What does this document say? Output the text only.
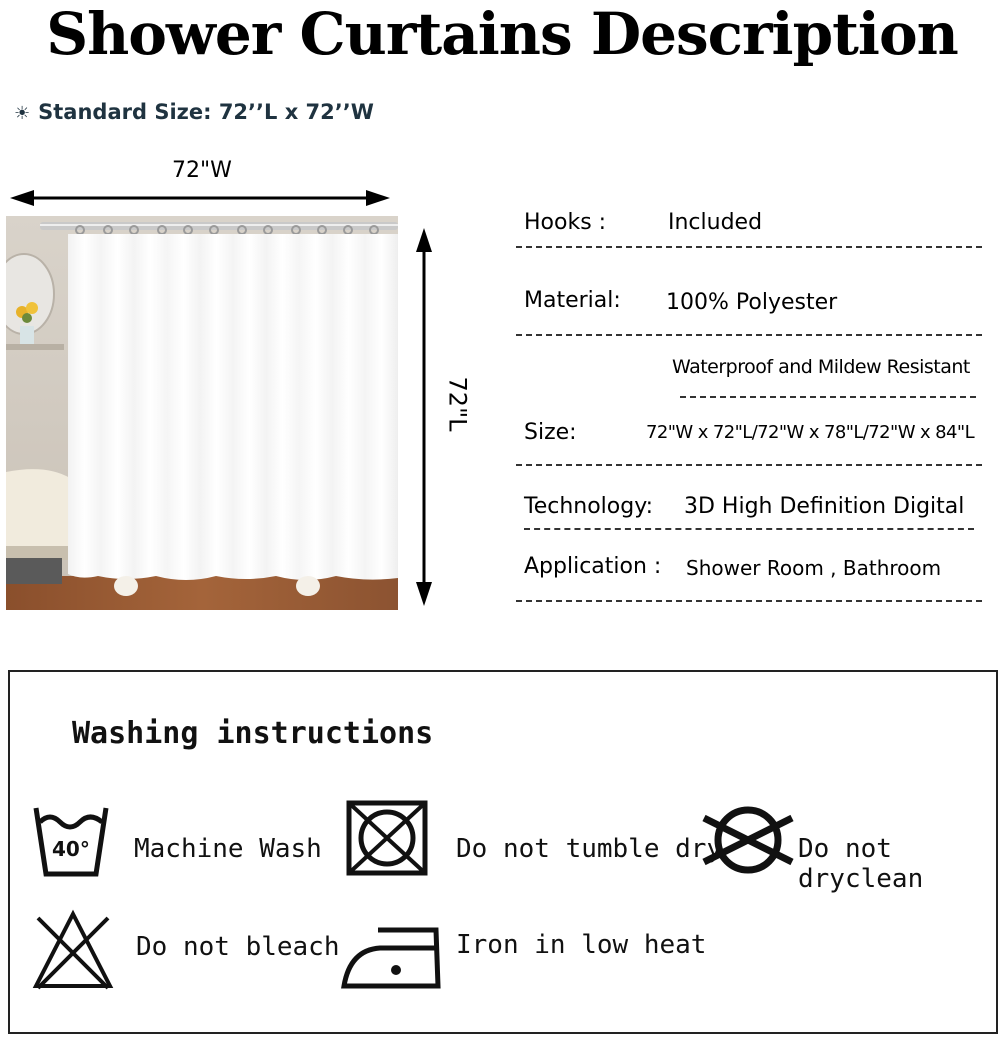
Shower Curtains Description
☀ Standard Size: 72’’L x 72’’W
72"W
72"L
Hooks :	Included
Material: 100% Polyester
Waterproof and Mildew Resistant
Size:	72"W x 72"L/72"W x 78"L/72"W x 84"L
Technology: 3D High Definition Digital
Application : Shower Room , Bathroom
Washing instructions
40° Machine Wash	Do not tumble dry	Do not dryclean
Do not bleach	Iron in low heat
